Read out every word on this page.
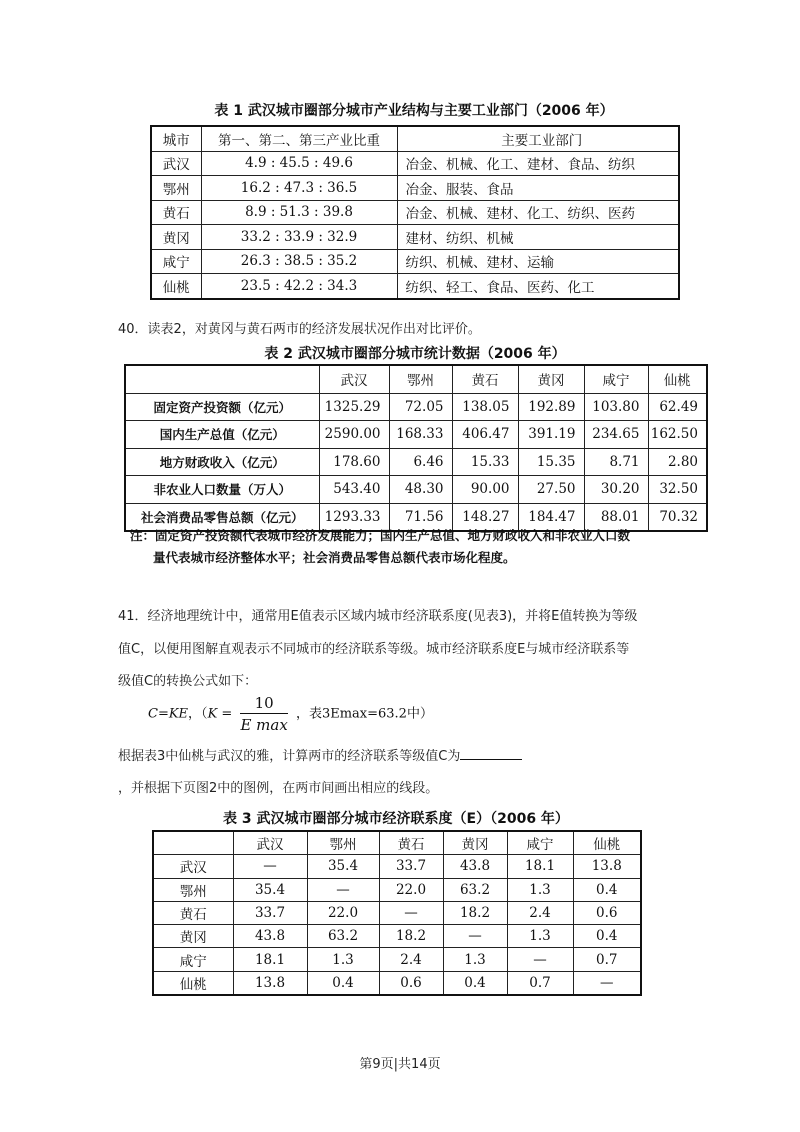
表 1 武汉城市圈部分城市产业结构与主要工业部门（2006 年）
城市	第一、第二、第三产业比重	主要工业部门
武汉	4.9 : 45.5 : 49.6	冶金、机械、化工、建材、食品、纺织
鄂州	16.2 : 47.3 : 36.5	冶金、服装、食品
黄石	8.9 : 51.3 : 39.8	冶金、机械、建材、化工、纺织、医药
黄冈	33.2 : 33.9 : 32.9	建材、纺织、机械
咸宁	26.3 : 38.5 : 35.2	纺织、机械、建材、运输
仙桃	23.5 : 42.2 : 34.3	纺织、轻工、食品、医药、化工
40．读表2，对黄冈与黄石两市的经济发展状况作出对比评价。
表 2 武汉城市圈部分城市统计数据（2006 年）
	武汉	鄂州	黄石	黄冈	咸宁	仙桃
固定资产投资额（亿元）	1325.29	72.05	138.05	192.89	103.80	62.49
国内生产总值（亿元）	2590.00	168.33	406.47	391.19	234.65	162.50
地方财政收入（亿元）	178.60	6.46	15.33	15.35	8.71	2.80
非农业人口数量（万人）	543.40	48.30	90.00	27.50	30.20	32.50
社会消费品零售总额（亿元）	1293.33	71.56	148.27	184.47	88.01	70.32
注：固定资产投资额代表城市经济发展能力；国内生产总值、地方财政收入和非农业人口数
量代表城市经济整体水平；社会消费品零售总额代表市场化程度。
41．经济地理统计中，通常用E值表示区域内城市经济联系度(见表3)，并将E值转换为等级
值C，以便用图解直观表示不同城市的经济联系等级。城市经济联系度E与城市经济联系等
级值C的转换公式如下：
C=KE，（$K = \frac{10}{\text{E max}}$ ，表3Emax=63.2中）
根据表3中仙桃与武汉的雅，计算两市的经济联系等级值C为
，并根据下页图2中的图例，在两市间画出相应的线段。
表 3 武汉城市圈部分城市经济联系度（E）（2006 年）
	武汉	鄂州	黄石	黄冈	咸宁	仙桃
武汉	—	35.4	33.7	43.8	18.1	13.8
鄂州	35.4	—	22.0	63.2	1.3	0.4
黄石	33.7	22.0	—	18.2	2.4	0.6
黄冈	43.8	63.2	18.2	—	1.3	0.4
咸宁	18.1	1.3	2.4	1.3	—	0.7
仙桃	13.8	0.4	0.6	0.4	0.7	—
第9页|共14页
